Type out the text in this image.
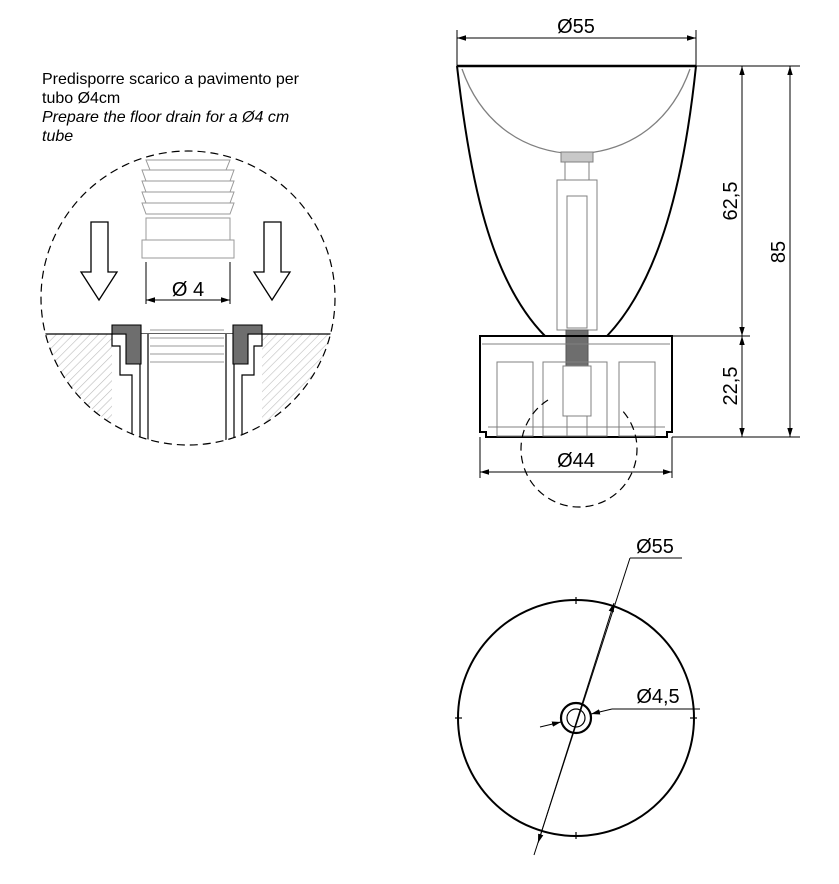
Predisporre scarico a pavimento per
tubo Ø4cm
Prepare the floor drain for a Ø4 cm
tube
Ø 4
Ø55
Ø44
62,5
22,5
85
Ø55
Ø4,5
